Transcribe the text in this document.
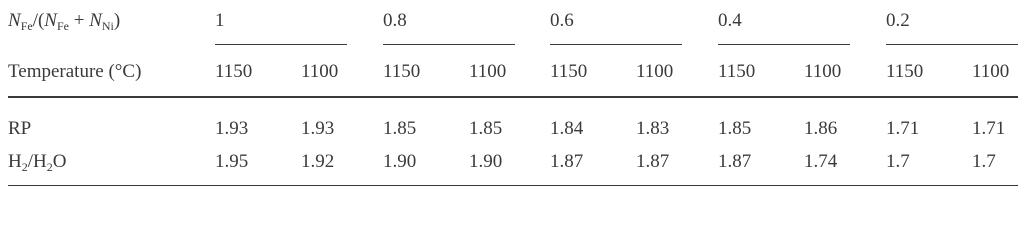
$N_{Fe}/(N_{Fe} + N_{Ni})$	1	0.8	0.6	0.4	0.2
Temperature (°C)	1150	1100 1150	1100 1150	1100 1150	1100 1150	1100
RP	1.93	1.93	1.85	1.85	1.84	1.83	1.85	1.86	1.71	1.71
$H_2/H_2O$	1.95	1.92	1.90	1.90	1.87	1.87	1.87	1.74	1.7	1.7
